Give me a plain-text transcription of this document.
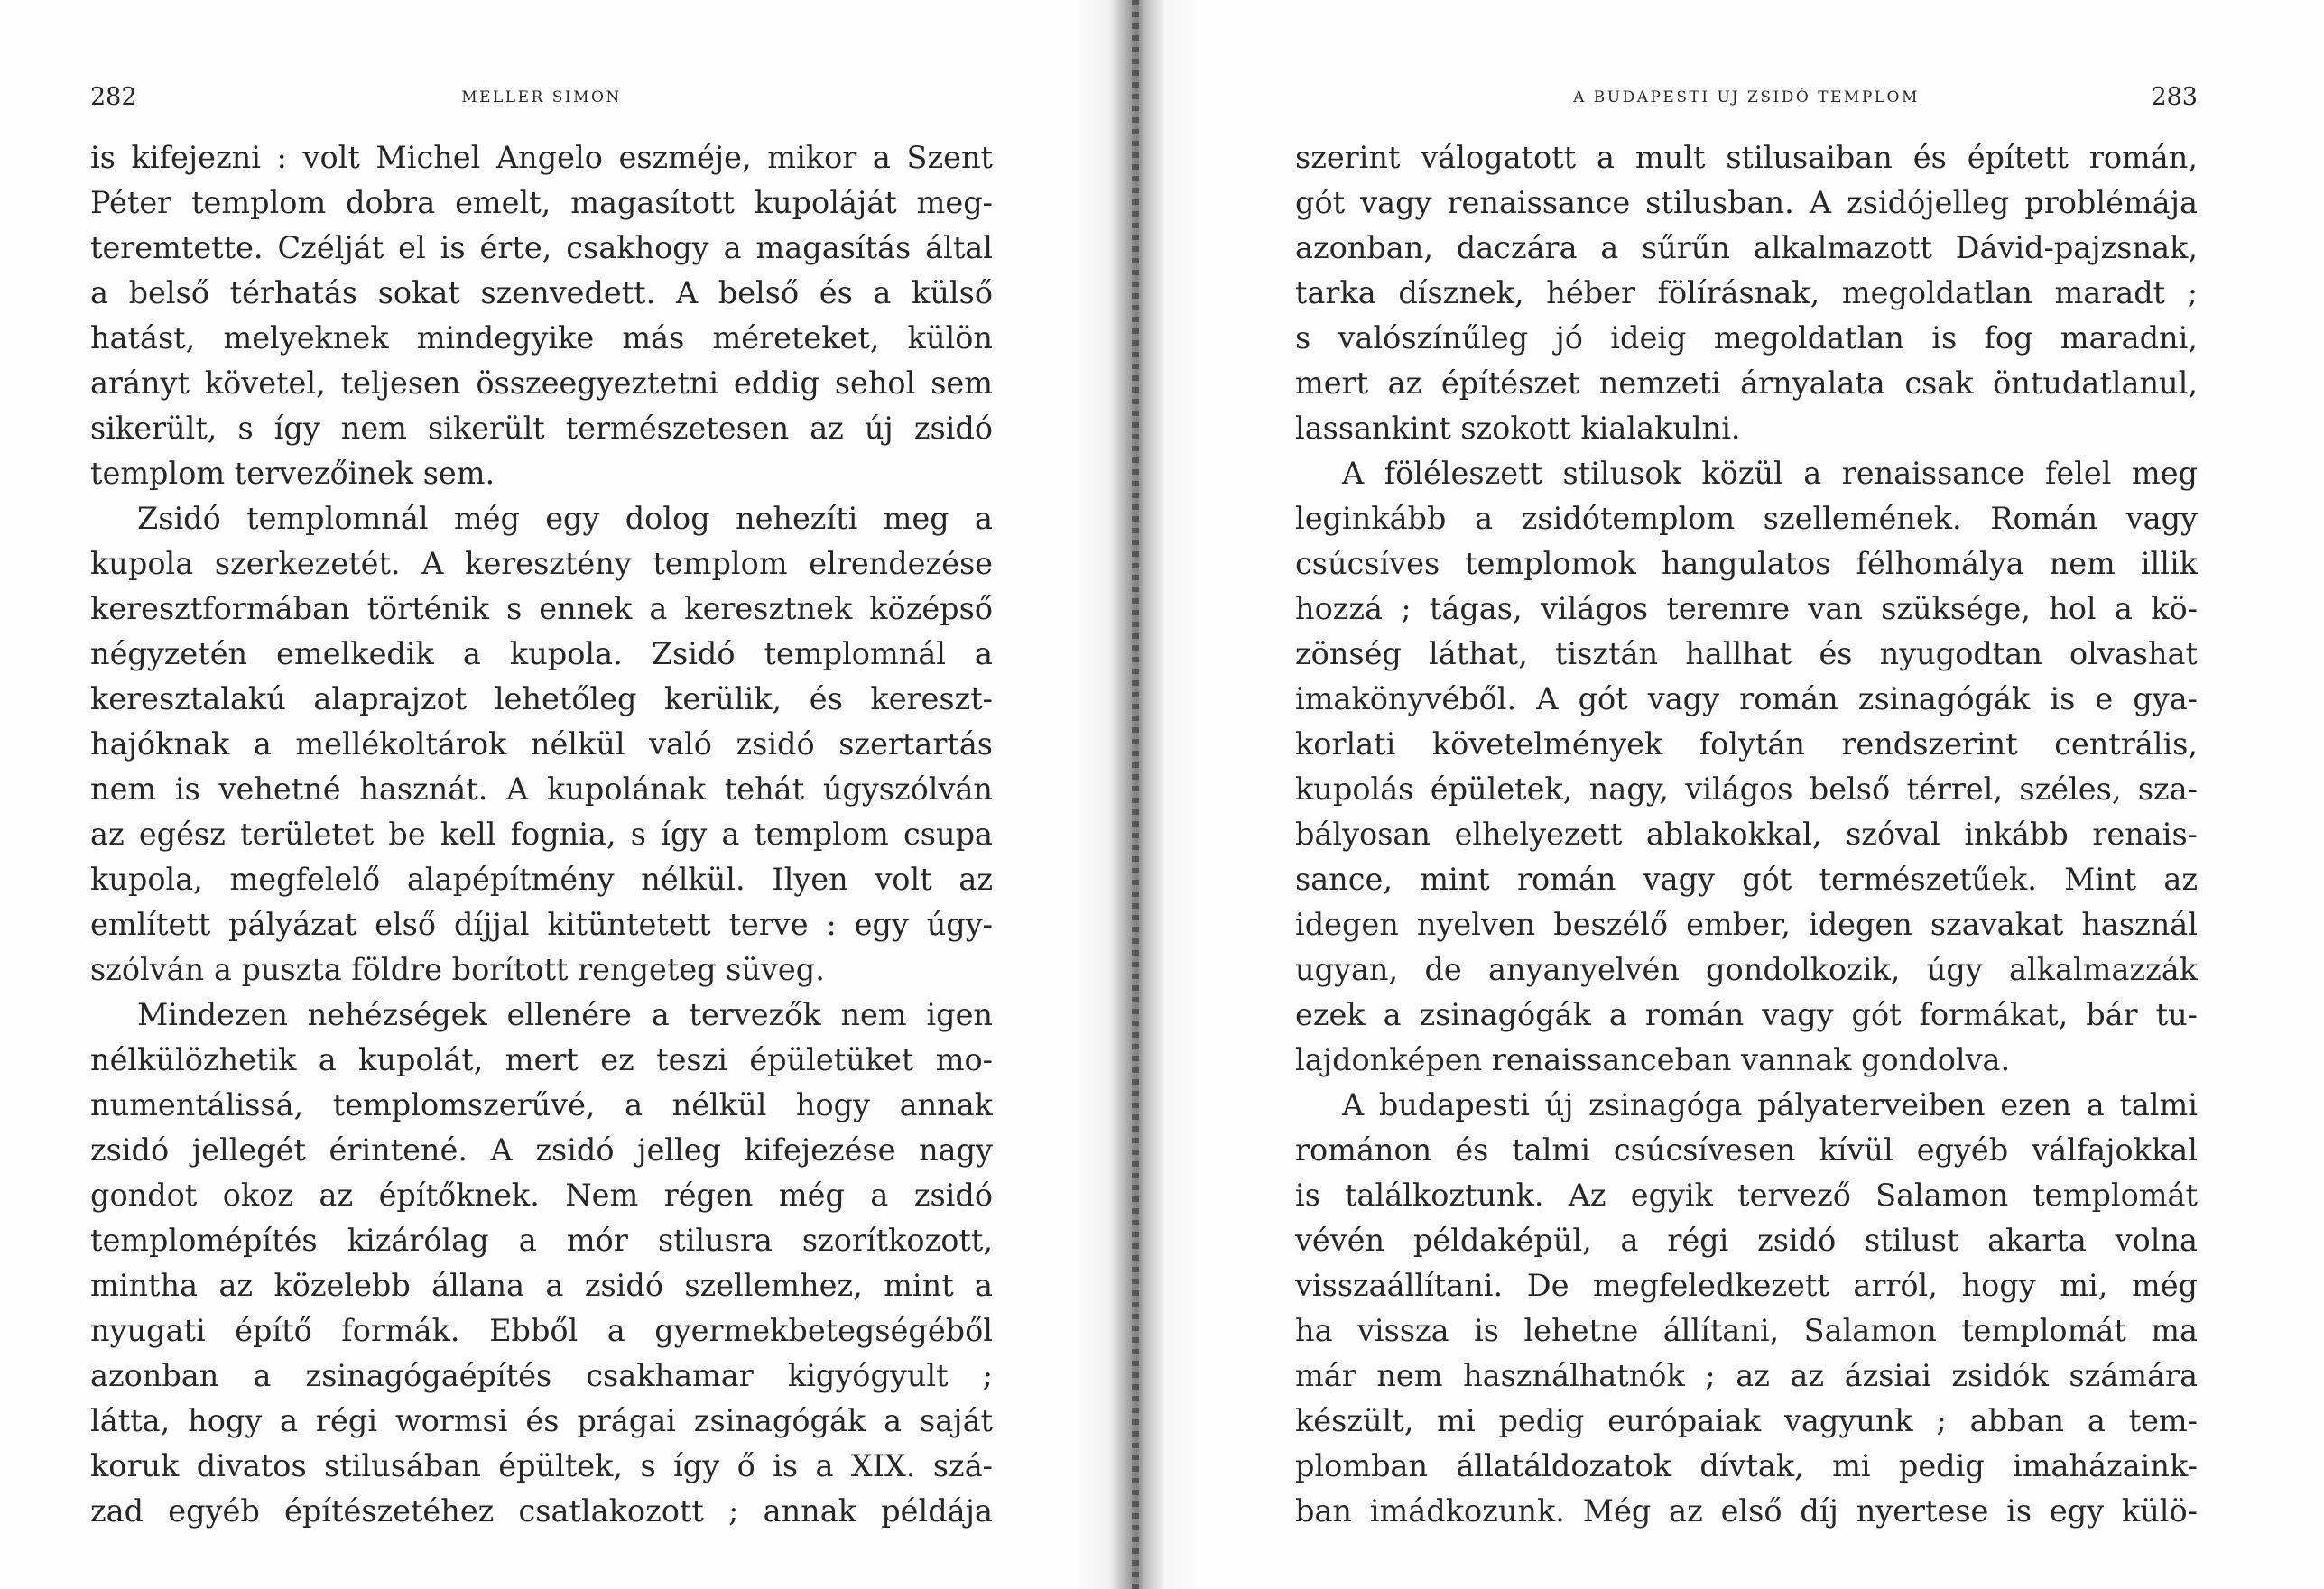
282	MELLER SIMON
is kifejezni : volt Michel Angelo eszméje, mikor a Szent
Péter templom dobra emelt, magasított kupoláját meg-
teremtette. Czélját el is érte, csakhogy a magasítás által
a belső térhatás sokat szenvedett. A belső és a külső
hatást, melyeknek mindegyike más méreteket, külön
arányt követel, teljesen összeegyeztetni eddig sehol sem
sikerült, s így nem sikerült természetesen az új zsidó
templom tervezőinek sem.
Zsidó templomnál még egy dolog nehezíti meg a
kupola szerkezetét. A keresztény templom elrendezése
keresztformában történik s ennek a keresztnek középső
négyzetén emelkedik a kupola. Zsidó templomnál a
keresztalakú alaprajzot lehetőleg kerülik, és kereszt-
hajóknak a mellékoltárok nélkül való zsidó szertartás
nem is vehetné hasznát. A kupolának tehát úgyszólván
az egész területet be kell fognia, s így a templom csupa
kupola, megfelelő alapépítmény nélkül. Ilyen volt az
említett pályázat első díjjal kitüntetett terve : egy úgy-
szólván a puszta földre borított rengeteg süveg.
Mindezen nehézségek ellenére a tervezők nem igen
nélkülözhetik a kupolát, mert ez teszi épületüket mo-
numentálissá, templomszerűvé, a nélkül hogy annak
zsidó jellegét érintené. A zsidó jelleg kifejezése nagy
gondot okoz az építőknek. Nem régen még a zsidó
templomépítés kizárólag a mór stilusra szorítkozott,
mintha az közelebb állana a zsidó szellemhez, mint a
nyugati építő formák. Ebből a gyermekbetegségéből
azonban a zsinagógaépítés csakhamar kigyógyult ;
látta, hogy a régi wormsi és prágai zsinagógák a saját
koruk divatos stilusában épültek, s így ő is a XIX. szá-
zad egyéb építészetéhez csatlakozott ; annak példája
A BUDAPESTI UJ ZSIDÓ TEMPLOM	283
szerint válogatott a mult stilusaiban és épített román,
gót vagy renaissance stilusban. A zsidójelleg problémája
azonban, daczára a sűrűn alkalmazott Dávid-pajzsnak,
tarka dísznek, héber fölírásnak, megoldatlan maradt ;
s valószínűleg jó ideig megoldatlan is fog maradni,
mert az építészet nemzeti árnyalata csak öntudatlanul,
lassankint szokott kialakulni.
A föléleszett stilusok közül a renaissance felel meg
leginkább a zsidótemplom szellemének. Román vagy
csúcsíves templomok hangulatos félhomálya nem illik
hozzá ; tágas, világos teremre van szüksége, hol a kö-
zönség láthat, tisztán hallhat és nyugodtan olvashat
imakönyvéből. A gót vagy román zsinagógák is e gya-
korlati követelmények folytán rendszerint centrális,
kupolás épületek, nagy, világos belső térrel, széles, sza-
bályosan elhelyezett ablakokkal, szóval inkább renais-
sance, mint román vagy gót természetűek. Mint az
idegen nyelven beszélő ember, idegen szavakat használ
ugyan, de anyanyelvén gondolkozik, úgy alkalmazzák
ezek a zsinagógák a román vagy gót formákat, bár tu-
lajdonképen renaissanceban vannak gondolva.
A budapesti új zsinagóga pályaterveiben ezen a talmi
románon és talmi csúcsívesen kívül egyéb válfajokkal
is találkoztunk. Az egyik tervező Salamon templomát
vévén példaképül, a régi zsidó stilust akarta volna
visszaállítani. De megfeledkezett arról, hogy mi, még
ha vissza is lehetne állítani, Salamon templomát ma
már nem használhatnók ; az az ázsiai zsidók számára
készült, mi pedig európaiak vagyunk ; abban a tem-
plomban állatáldozatok dívtak, mi pedig imaházaink-
ban imádkozunk. Még az első díj nyertese is egy külö-
